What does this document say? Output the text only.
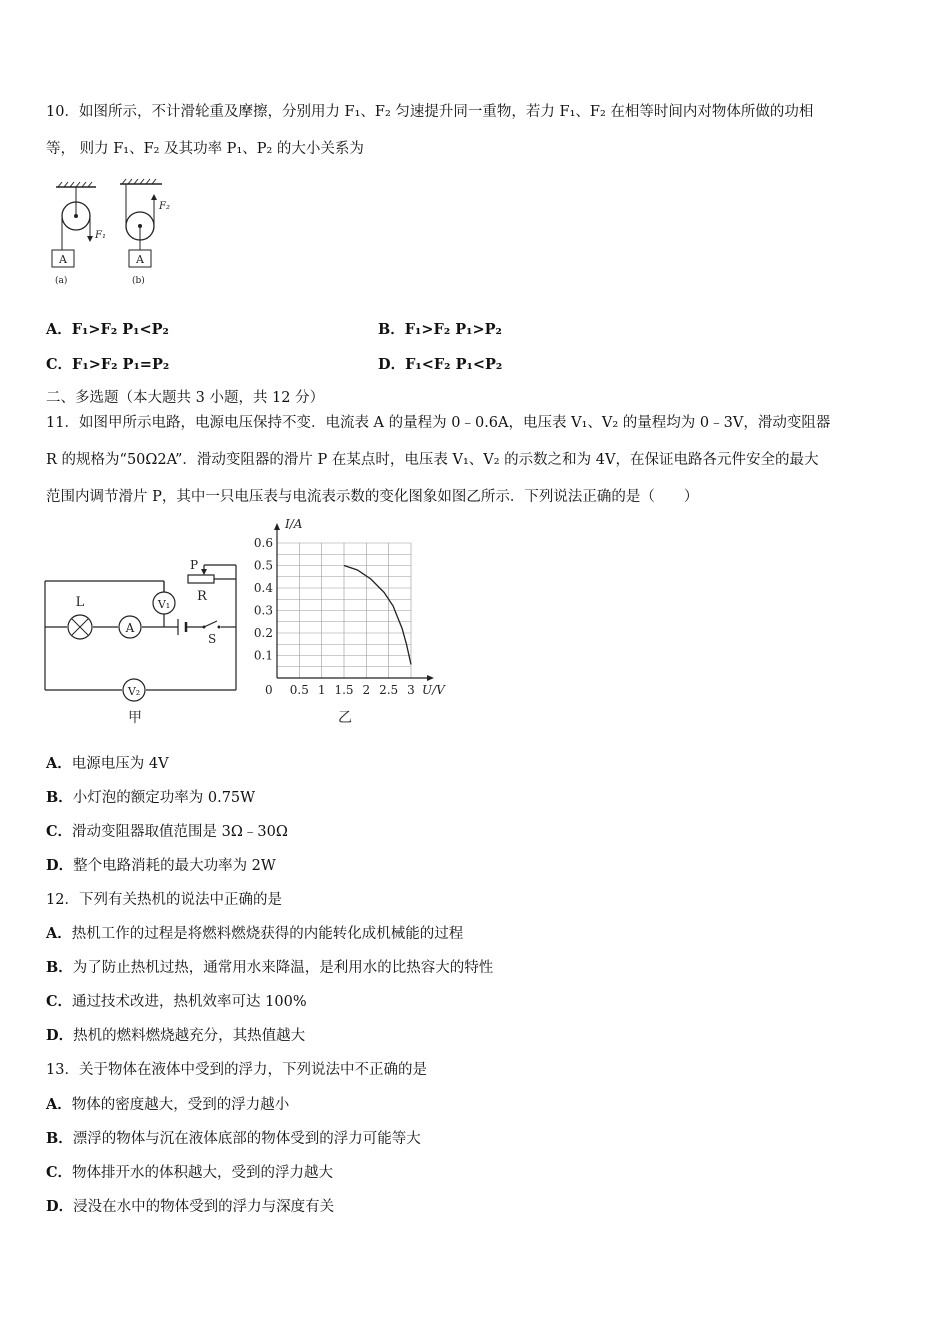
10．如图所示，不计滑轮重及摩擦，分别用力 F₁、F₂ 匀速提升同一重物，若力 F₁、F₂ 在相等时间内对物体所做的功相
等， 则力 F₁、F₂ 及其功率 P₁、P₂ 的大小关系为
A	A
F₁
F₂
(a)	(b)
A．F₁>F₂ P₁<P₂	B．F₁>F₂ P₁>P₂
C．F₁>F₂ P₁=P₂	D．F₁<F₂ P₁<P₂
二、多选题（本大题共 3 小题，共 12 分）
11．如图甲所示电路，电源电压保持不变．电流表 A 的量程为 0﹣0.6A，电压表 V₁、V₂ 的量程均为 0﹣3V，滑动变阻器
R 的规格为“50Ω2A”．滑动变阻器的滑片 P 在某点时，电压表 V₁、V₂ 的示数之和为 4V，在保证电路各元件安全的最大
范围内调节滑片 P，其中一只电压表与电流表示数的变化图象如图乙所示．下列说法正确的是（　　）
L
A
V₁
V₂
P
R
S
甲
0.6
0.5
0.4
0.3
0.2
0.1
0.5 1 1.5 2 2.5 3
I/A
U/V
0
乙
A．电源电压为 4V
B．小灯泡的额定功率为 0.75W
C．滑动变阻器取值范围是 3Ω﹣30Ω
D．整个电路消耗的最大功率为 2W
12．下列有关热机的说法中正确的是
A．热机工作的过程是将燃料燃烧获得的内能转化成机械能的过程
B．为了防止热机过热，通常用水来降温，是利用水的比热容大的特性
C．通过技术改进，热机效率可达 100%
D．热机的燃料燃烧越充分，其热值越大
13．关于物体在液体中受到的浮力，下列说法中不正确的是
A．物体的密度越大，受到的浮力越小
B．漂浮的物体与沉在液体底部的物体受到的浮力可能等大
C．物体排开水的体积越大，受到的浮力越大
D．浸没在水中的物体受到的浮力与深度有关
